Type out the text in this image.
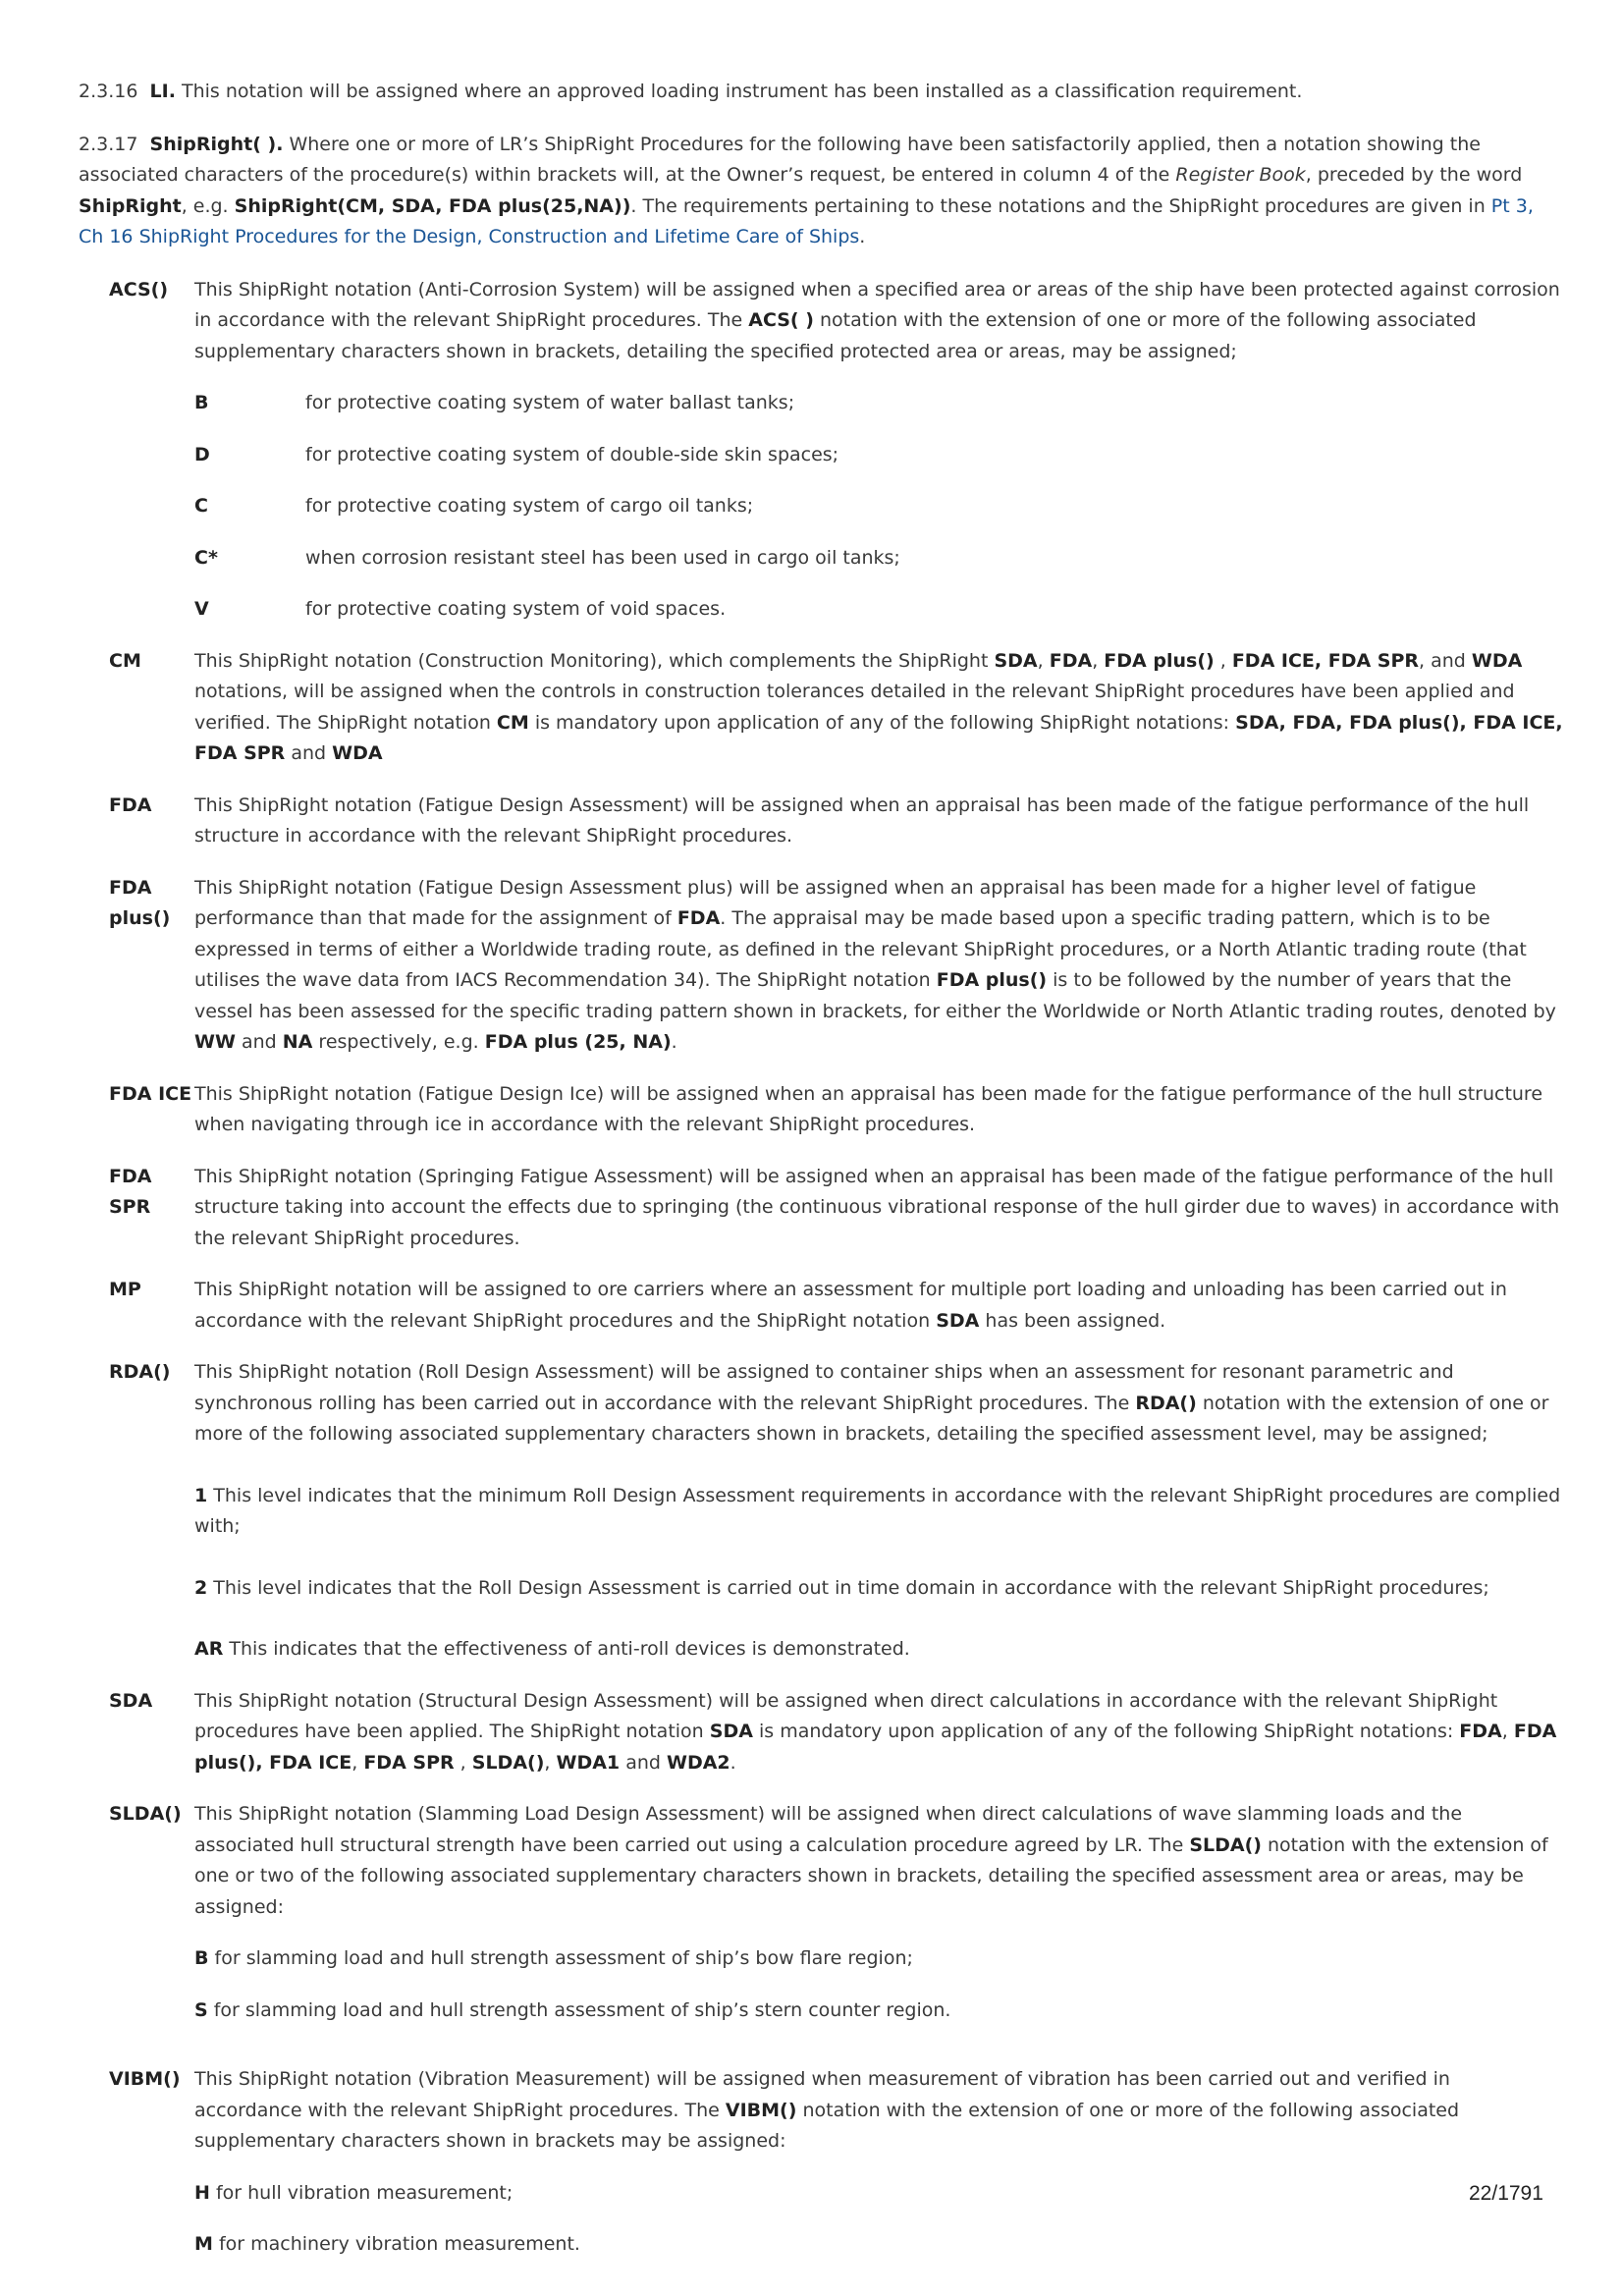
2.3.16 LI. This notation will be assigned where an approved loading instrument has been installed as a classification requirement.

2.3.17 ShipRight( ). Where one or more of LR’s ShipRight Procedures for the following have been satisfactorily applied, then a notation showing the associated characters of the procedure(s) within brackets will, at the Owner’s request, be entered in column 4 of the Register Book, preceded by the word ShipRight, e.g. ShipRight(CM, SDA, FDA plus(25,NA)). The requirements pertaining to these notations and the ShipRight procedures are given in Pt 3, Ch 16 ShipRight Procedures for the Design, Construction and Lifetime Care of Ships.

ACS()	This ShipRight notation (Anti-Corrosion System) will be assigned when a specified area or areas of the ship have been protected against corrosion in accordance with the relevant ShipRight procedures. The ACS( ) notation with the extension of one or more of the following associated supplementary characters shown in brackets, detailing the specified protected area or areas, may be assigned;
B	for protective coating system of water ballast tanks;
D	for protective coating system of double-side skin spaces;
C	for protective coating system of cargo oil tanks;
C*	when corrosion resistant steel has been used in cargo oil tanks;
V	for protective coating system of void spaces.
CM	This ShipRight notation (Construction Monitoring), which complements the ShipRight SDA, FDA, FDA plus() , FDA ICE, FDA SPR, and WDA notations, will be assigned when the controls in construction tolerances detailed in the relevant ShipRight procedures have been applied and verified. The ShipRight notation CM is mandatory upon application of any of the following ShipRight notations: SDA, FDA, FDA plus(), FDA ICE, FDA SPR and WDA
FDA	This ShipRight notation (Fatigue Design Assessment) will be assigned when an appraisal has been made of the fatigue performance of the hull structure in accordance with the relevant ShipRight procedures.
FDA plus()
This ShipRight notation (Fatigue Design Assessment plus) will be assigned when an appraisal has been made for a higher level of fatigue performance than that made for the assignment of FDA. The appraisal may be made based upon a specific trading pattern, which is to be expressed in terms of either a Worldwide trading route, as defined in the relevant ShipRight procedures, or a North Atlantic trading route (that utilises the wave data from IACS Recommendation 34). The ShipRight notation FDA plus() is to be followed by the number of years that the vessel has been assessed for the specific trading pattern shown in brackets, for either the Worldwide or North Atlantic trading routes, denoted by WW and NA respectively, e.g. FDA plus (25, NA).
FDA ICE This ShipRight notation (Fatigue Design Ice) will be assigned when an appraisal has been made for the fatigue performance of the hull structure when navigating through ice in accordance with the relevant ShipRight procedures.
FDA SPR
This ShipRight notation (Springing Fatigue Assessment) will be assigned when an appraisal has been made of the fatigue performance of the hull structure taking into account the effects due to springing (the continuous vibrational response of the hull girder due to waves) in accordance with the relevant ShipRight procedures.
MP	This ShipRight notation will be assigned to ore carriers where an assessment for multiple port loading and unloading has been carried out in accordance with the relevant ShipRight procedures and the ShipRight notation SDA has been assigned.
RDA()	This ShipRight notation (Roll Design Assessment) will be assigned to container ships when an assessment for resonant parametric and synchronous rolling has been carried out in accordance with the relevant ShipRight procedures. The RDA() notation with the extension of one or more of the following associated supplementary characters shown in brackets, detailing the specified assessment level, may be assigned;

1 This level indicates that the minimum Roll Design Assessment requirements in accordance with the relevant ShipRight procedures are complied with;

2 This level indicates that the Roll Design Assessment is carried out in time domain in accordance with the relevant ShipRight procedures;

AR This indicates that the effectiveness of anti-roll devices is demonstrated.

SDA	This ShipRight notation (Structural Design Assessment) will be assigned when direct calculations in accordance with the relevant ShipRight procedures have been applied. The ShipRight notation SDA is mandatory upon application of any of the following ShipRight notations: FDA, FDA plus(), FDA ICE, FDA SPR , SLDA(), WDA1 and WDA2.
SLDA() This ShipRight notation (Slamming Load Design Assessment) will be assigned when direct calculations of wave slamming loads and the associated hull structural strength have been carried out using a calculation procedure agreed by LR. The SLDA() notation with the extension of one or two of the following associated supplementary characters shown in brackets, detailing the specified assessment area or areas, may be assigned:

B for slamming load and hull strength assessment of ship’s bow flare region;

S for slamming load and hull strength assessment of ship’s stern counter region.

VIBM() This ShipRight notation (Vibration Measurement) will be assigned when measurement of vibration has been carried out and verified in accordance with the relevant ShipRight procedures. The VIBM() notation with the extension of one or more of the following associated supplementary characters shown in brackets may be assigned:

H for hull vibration measurement;

M for machinery vibration measurement.

22/1791
